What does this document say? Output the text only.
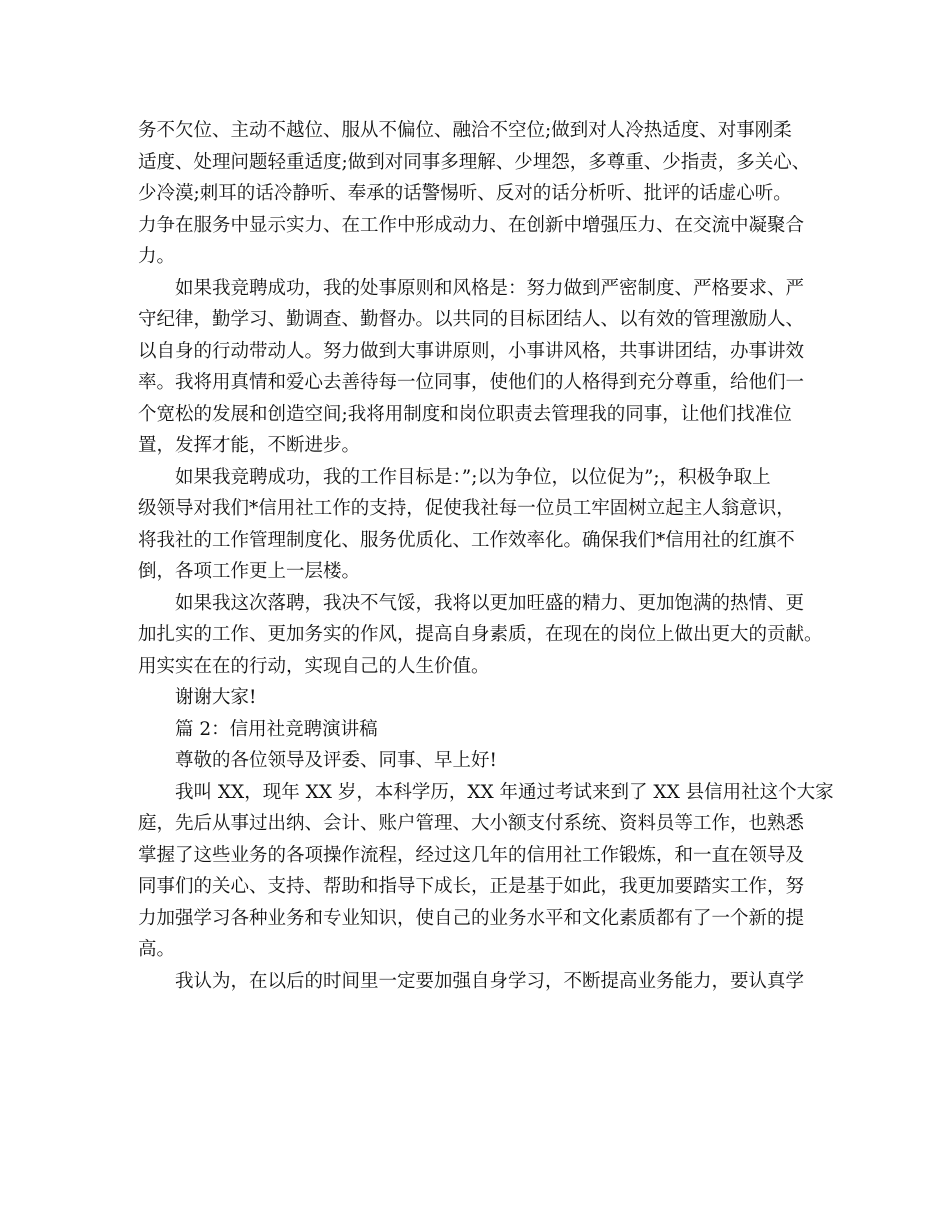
务不欠位、主动不越位、服从不偏位、融洽不空位;做到对人冷热适度、对事刚柔
适度、处理问题轻重适度;做到对同事多理解、少埋怨，多尊重、少指责，多关心、
少冷漠;刺耳的话冷静听、奉承的话警惕听、反对的话分析听、批评的话虚心听。
力争在服务中显示实力、在工作中形成动力、在创新中增强压力、在交流中凝聚合
力。
如果我竞聘成功，我的处事原则和风格是：努力做到严密制度、严格要求、严
守纪律，勤学习、勤调查、勤督办。以共同的目标团结人、以有效的管理激励人、
以自身的行动带动人。努力做到大事讲原则，小事讲风格，共事讲团结，办事讲效
率。我将用真情和爱心去善待每一位同事，使他们的人格得到充分尊重，给他们一
个宽松的发展和创造空间;我将用制度和岗位职责去管理我的同事，让他们找准位
置，发挥才能，不断进步。
如果我竞聘成功，我的工作目标是：”;以为争位，以位促为”;，积极争取上
级领导对我们*信用社工作的支持，促使我社每一位员工牢固树立起主人翁意识，
将我社的工作管理制度化、服务优质化、工作效率化。确保我们*信用社的红旗不
倒，各项工作更上一层楼。
如果我这次落聘，我决不气馁，我将以更加旺盛的精力、更加饱满的热情、更
加扎实的工作、更加务实的作风，提高自身素质，在现在的岗位上做出更大的贡献。
用实实在在的行动，实现自己的人生价值。
谢谢大家!
篇 2：信用社竞聘演讲稿
尊敬的各位领导及评委、同事、早上好!
我叫 XX，现年 XX 岁，本科学历，XX 年通过考试来到了 XX 县信用社这个大家
庭，先后从事过出纳、会计、账户管理、大小额支付系统、资料员等工作，也熟悉
掌握了这些业务的各项操作流程，经过这几年的信用社工作锻炼，和一直在领导及
同事们的关心、支持、帮助和指导下成长，正是基于如此，我更加要踏实工作，努
力加强学习各种业务和专业知识，使自己的业务水平和文化素质都有了一个新的提
高。
我认为，在以后的时间里一定要加强自身学习，不断提高业务能力，要认真学
